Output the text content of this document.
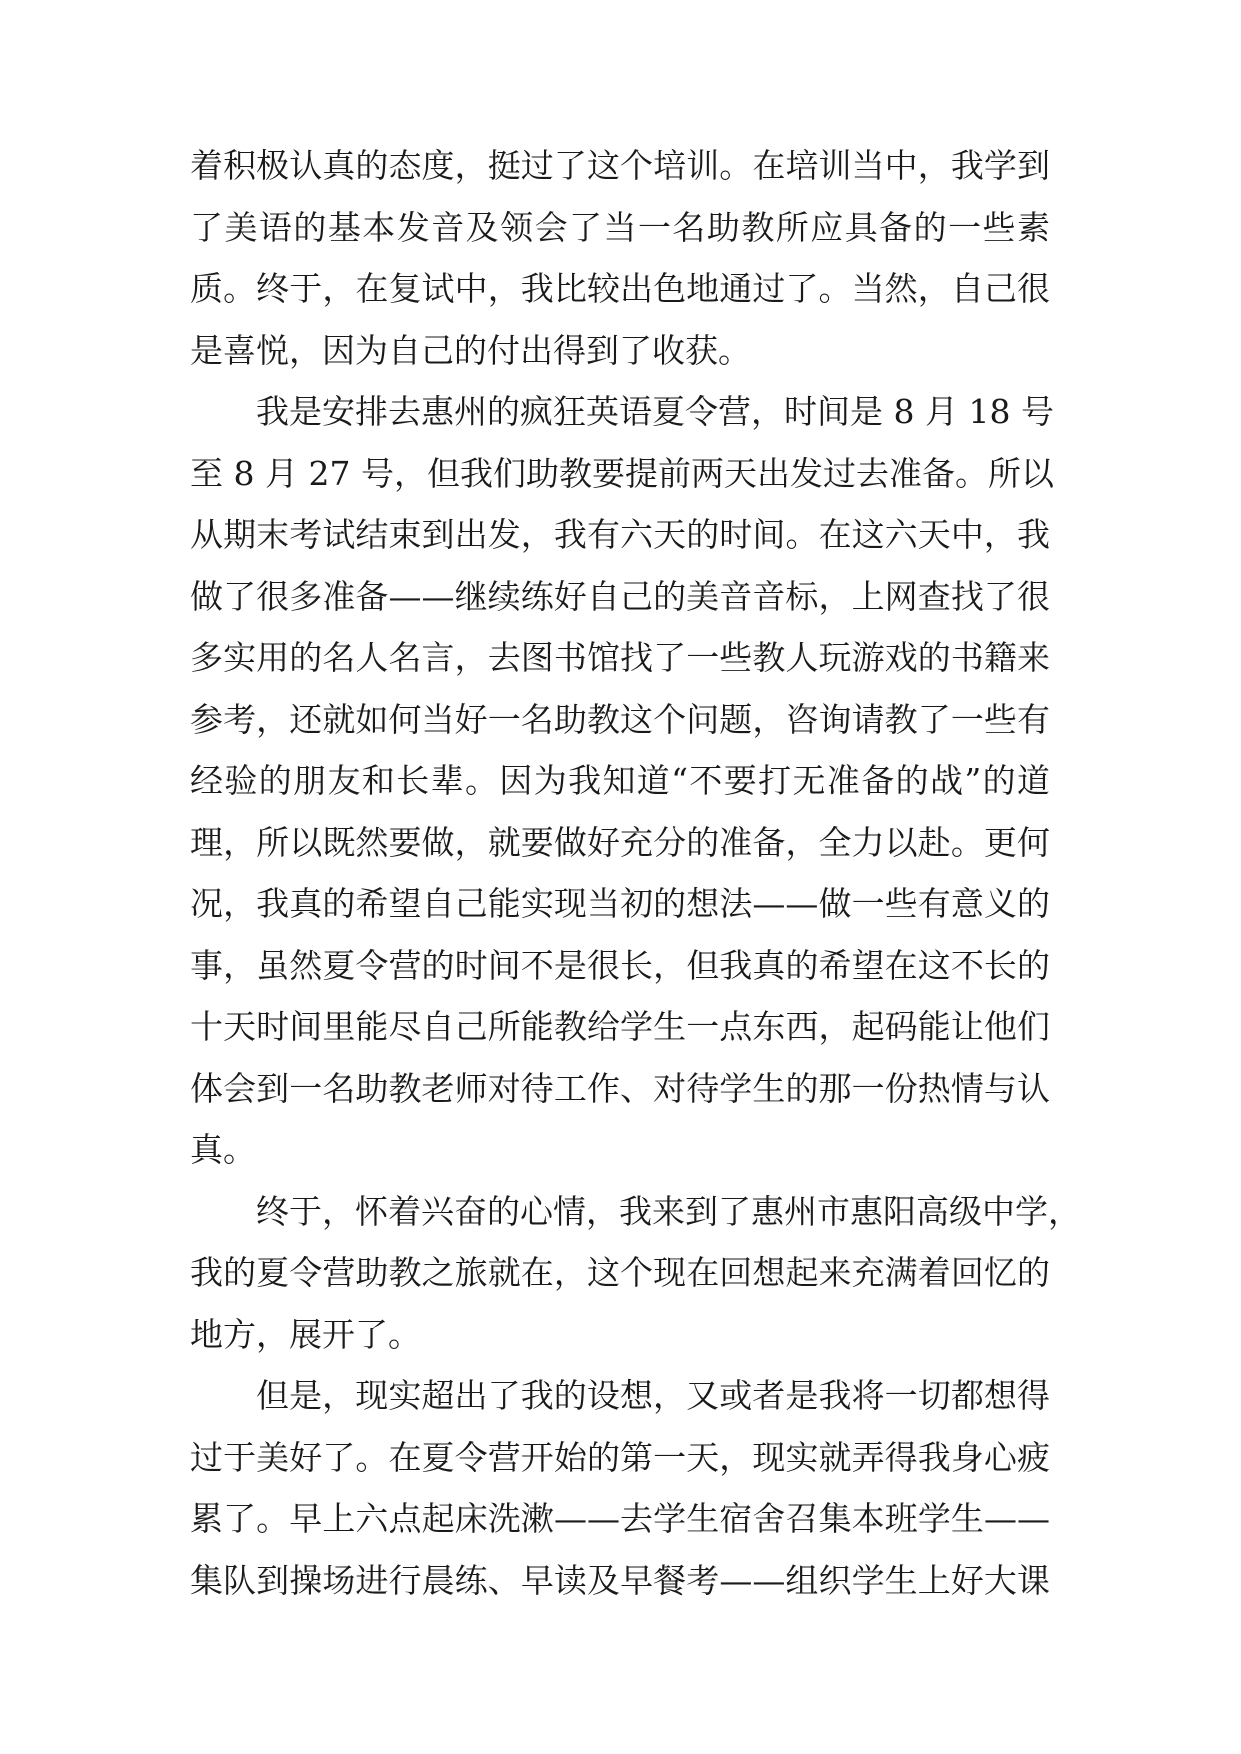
着积极认真的态度，挺过了这个培训。在培训当中，我学到
了美语的基本发音及领会了当一名助教所应具备的一些素
质。终于，在复试中，我比较出色地通过了。当然，自己很
是喜悦，因为自己的付出得到了收获。
我是安排去惠州的疯狂英语夏令营，时间是 8 月 18 号
至 8 月 27 号，但我们助教要提前两天出发过去准备。所以
从期末考试结束到出发，我有六天的时间。在这六天中，我
做了很多准备——继续练好自己的美音音标，上网查找了很
多实用的名人名言，去图书馆找了一些教人玩游戏的书籍来
参考，还就如何当好一名助教这个问题，咨询请教了一些有
经验的朋友和长辈。因为我知道“不要打无准备的战”的道
理，所以既然要做，就要做好充分的准备，全力以赴。更何
况，我真的希望自己能实现当初的想法——做一些有意义的
事，虽然夏令营的时间不是很长，但我真的希望在这不长的
十天时间里能尽自己所能教给学生一点东西，起码能让他们
体会到一名助教老师对待工作、对待学生的那一份热情与认
真。
终于，怀着兴奋的心情，我来到了惠州市惠阳高级中学，
我的夏令营助教之旅就在，这个现在回想起来充满着回忆的
地方，展开了。
但是，现实超出了我的设想，又或者是我将一切都想得
过于美好了。在夏令营开始的第一天，现实就弄得我身心疲
累了。早上六点起床洗漱——去学生宿舍召集本班学生——
集队到操场进行晨练、早读及早餐考——组织学生上好大课
